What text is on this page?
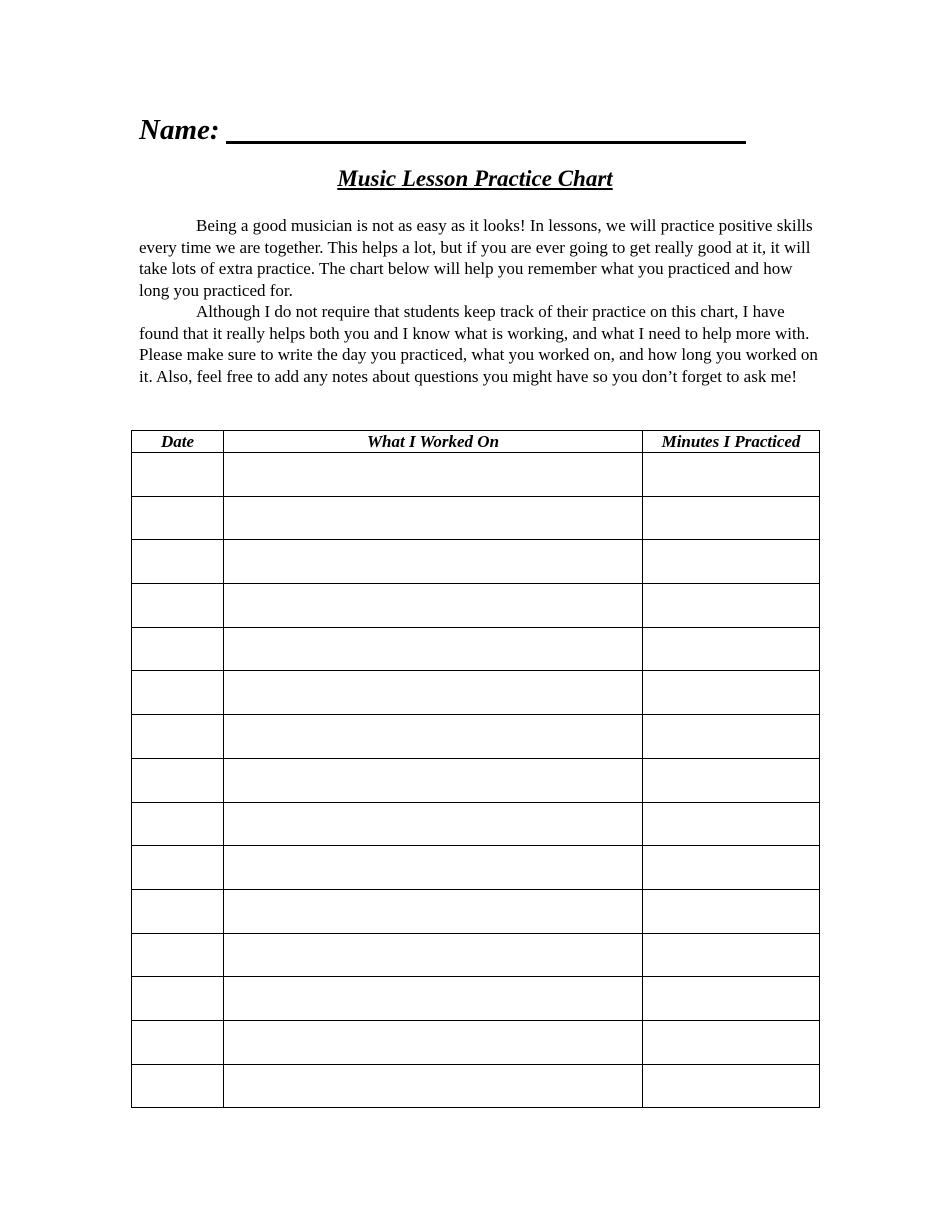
Name:
Music Lesson Practice Chart

Being a good musician is not as easy as it looks! In lessons, we will practice positive skills every time we are together. This helps a lot, but if you are ever going to get really good at it, it will take lots of extra practice. The chart below will help you remember what you practiced and how long you practiced for.

Although I do not require that students keep track of their practice on this chart, I have found that it really helps both you and I know what is working, and what I need to help more with. Please make sure to write the day you practiced, what you worked on, and how long you worked on it. Also, feel free to add any notes about questions you might have so you don’t forget to ask me!

Date	What I Worked On	Minutes I Practiced
